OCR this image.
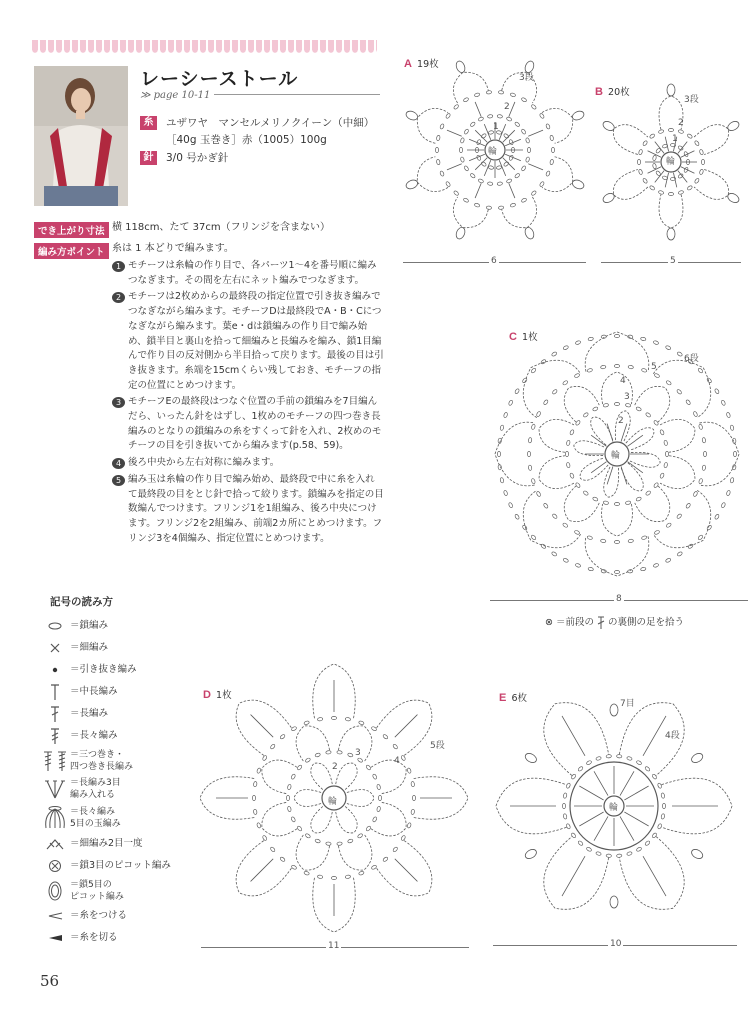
レーシーストール
≫ page 10-11
糸	ユザワヤ　マンセルメリノクイーン（中細）
［40g 玉巻き］赤（1005）100g
針	3/0 号かぎ針
でき上がり寸法 横 118cm、たて 37cm（フリンジを含まない）
編み方ポイント 糸は 1 本どりで編みます。
1 モチーフは糸輪の作り目で、各パーツ1〜4を番号順に編みつなぎます。その間を左右にネット編みでつなぎます。
2 モチーフは2枚めからの最終段の指定位置で引き抜き編みでつなぎながら編みます。モチーフDは最終段でA・B・Cにつなぎながら編みます。葉e・dは鎖編みの作り目で編み始め、鎖半目と裏山を拾って細編みと長編みを編み、鎖1目編んで作り目の反対側から半目拾って戻ります。最後の目は引き抜きます。糸端を15cmくらい残しておき、モチーフの指定の位置にとめつけます。
3 モチーフEの最終段はつなぐ位置の手前の鎖編みを7目編んだら、いったん針をはずし、1枚めのモチーフの四つ巻き長編みのとなりの鎖編みの糸をすくって針を入れ、2枚めのモチーフの目を引き抜いてから編みます(p.58、59)。
4 後ろ中央から左右対称に編みます。
5 編み玉は糸輪の作り目で編み始め、最終段で中に糸を入れて最終段の目をとじ針で拾って絞ります。鎖編みを指定の目数編んでつけます。フリンジ1を1組編み、後ろ中央につけます。フリンジ2を2組編み、前端2カ所にとめつけます。フリンジ3を4個編み、指定位置にとめつけます。
記号の読み方
＝鎖編み
＝細編み
＝引き抜き編み
＝中長編み
＝長編み
＝長々編み
＝三つ巻き・
四つ巻き長編み
＝長編み3目
編み入れる
＝長々編み
5目の玉編み
＝細編み2目一度
＝鎖3目のピコット編み
＝鎖5目の
ピコット編み
＝糸をつける
＝糸を切る
A 19枚
B 20枚
C 1枚
D 1枚	E 6枚
輪
輪
輪
輪
輪
1
2
3段
1
2
3段
6段
5
4
3
2
3
2
4
5段
7目
4段
6	5
8
11	10
⊗ ＝前段の の裏側の足を拾う
56
